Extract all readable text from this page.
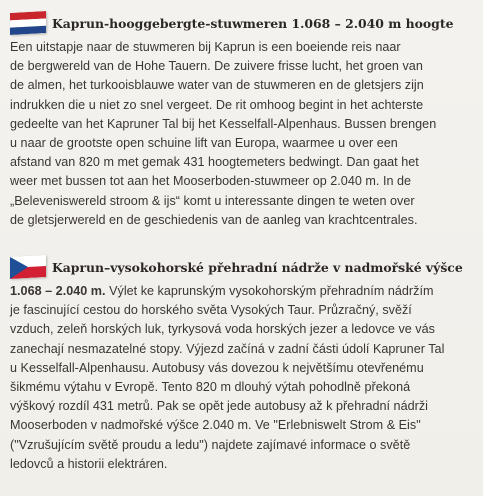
Kaprun-hooggebergte-stuwmeren 1.068 – 2.040 m hoogte
Een uitstapje naar de stuwmeren bij Kaprun is een boeiende reis naar
de bergwereld van de Hohe Tauern. De zuivere frisse lucht, het groen van
de almen, het turkooisblauwe water van de stuwmeren en de gletsjers zijn
indrukken die u niet zo snel vergeet. De rit omhoog begint in het achterste
gedeelte van het Kapruner Tal bij het Kesselfall-Alpenhaus. Bussen brengen
u naar de grootste open schuine lift van Europa, waarmee u over een
afstand van 820 m met gemak 431 hoogtemeters bedwingt. Dan gaat het
weer met bussen tot aan het Mooserboden-stuwmeer op 2.040 m. In de
„Belevenis​wereld stroom & ijs“ komt u interessante dingen te weten over
de gletsjerwereld en de geschiedenis van de aanleg van krachtcentrales.
Kaprun–vysokohorské přehradní nádrže v nadmořské výšce
1.068 – 2.040 m. Výlet ke kaprunským vysokohorským přehradním nádržím
je fascinující cestou do horského světa Vysokých Taur. Průzračný, svěží
vzduch, zeleň horských luk, tyrkysová voda horských jezer a ledovce ve vás
zanechají nesmazatelné stopy. Výjezd začíná v zadní části údolí Kapruner Tal
u Kesselfall-Alpenhausu. Autobusy vás dovezou k největšímu otevřenému
šikmému výtahu v Evropě. Tento 820 m dlouhý výtah pohodlně překoná
výškový rozdíl 431 metrů. Pak se opět jede autobusy až k přehradní nádrži
Mooserboden v nadmořské výšce 2.040 m. Ve "Erlebniswelt Strom & Eis"
("Vzrušujícím světě proudu a ledu") najdete zajímavé informace o světě
ledovců a historii elektráren.
